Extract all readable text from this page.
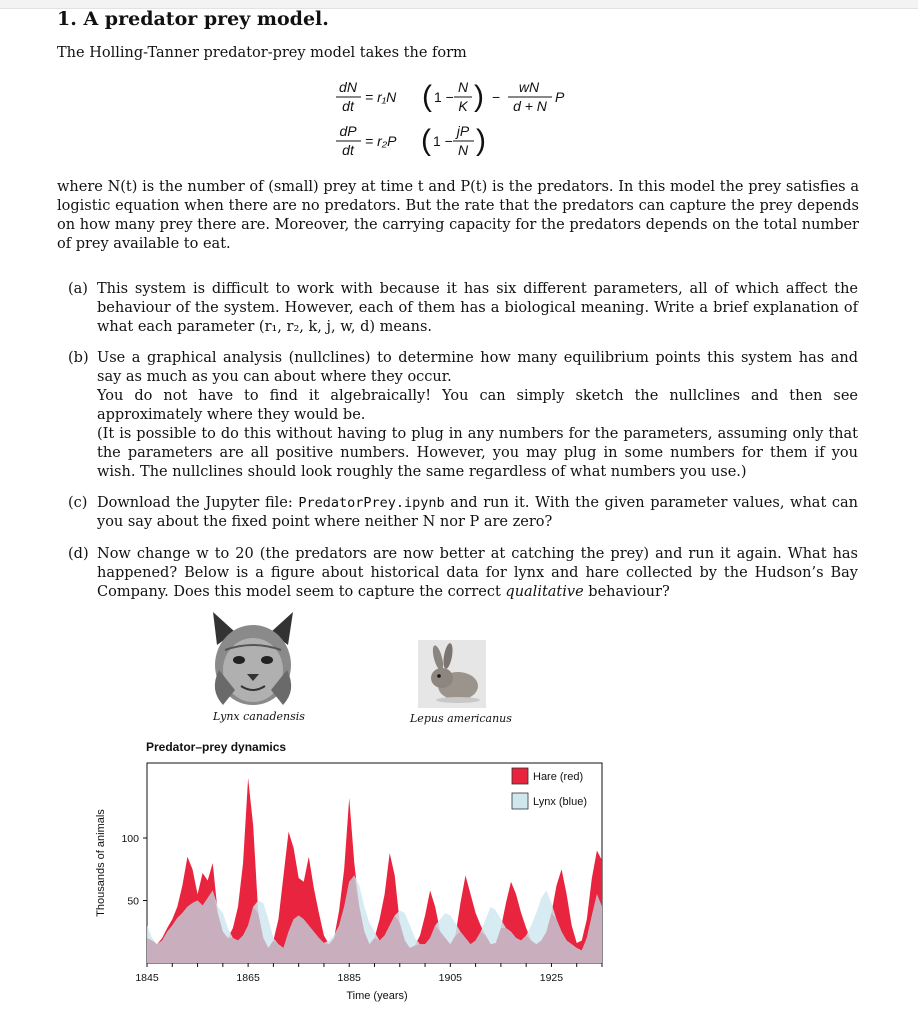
1. A predator prey model.
The Holling-Tanner predator-prey model takes the form
dN
dt
= r₁N ( 1 −
N
K ) −
wN
d + N
P
dP
dt
= r₂P ( 1 −
jP
N )
where N(t) is the number of (small) prey at time t and P(t) is the predators. In this model the prey satisfies a logistic equation when there are no predators. But the rate that the predators can capture the prey depends on how many prey there are. Moreover, the carrying capacity for the predators depends on the total number of prey available to eat.
(a) This system is difficult to work with because it has six different parameters, all of which affect the behaviour of the system. However, each of them has a biological meaning. Write a brief explanation of what each parameter (r₁, r₂, k, j, w, d) means.
(b) Use a graphical analysis (nullclines) to determine how many equilibrium points this system has and say as much as you can about where they occur.

You do not have to find it algebraically! You can simply sketch the nullclines and then see approximately where they would be.

(It is possible to do this without having to plug in any numbers for the parameters, assuming only that the parameters are all positive numbers. However, you may plug in some numbers for them if you wish. The nullclines should look roughly the same regardless of what numbers you use.)

(c) Download the Jupyter file: PredatorPrey.ipynb and run it. With the given parameter values, what can you say about the fixed point where neither N nor P are zero?
(d) Now change w to 20 (the predators are now better at catching the prey) and run it again. What has happened? Below is a figure about historical data for lynx and hare collected by the Hudson’s Bay Company. Does this model seem to capture the correct qualitative behaviour?
Lynx canadensis	Lepus americanus
Predator–prey dynamics
1845	1865	1885	1905	1925
50
100
Time (years)
Thousands of animals
Hare (red)
Lynx (blue)
